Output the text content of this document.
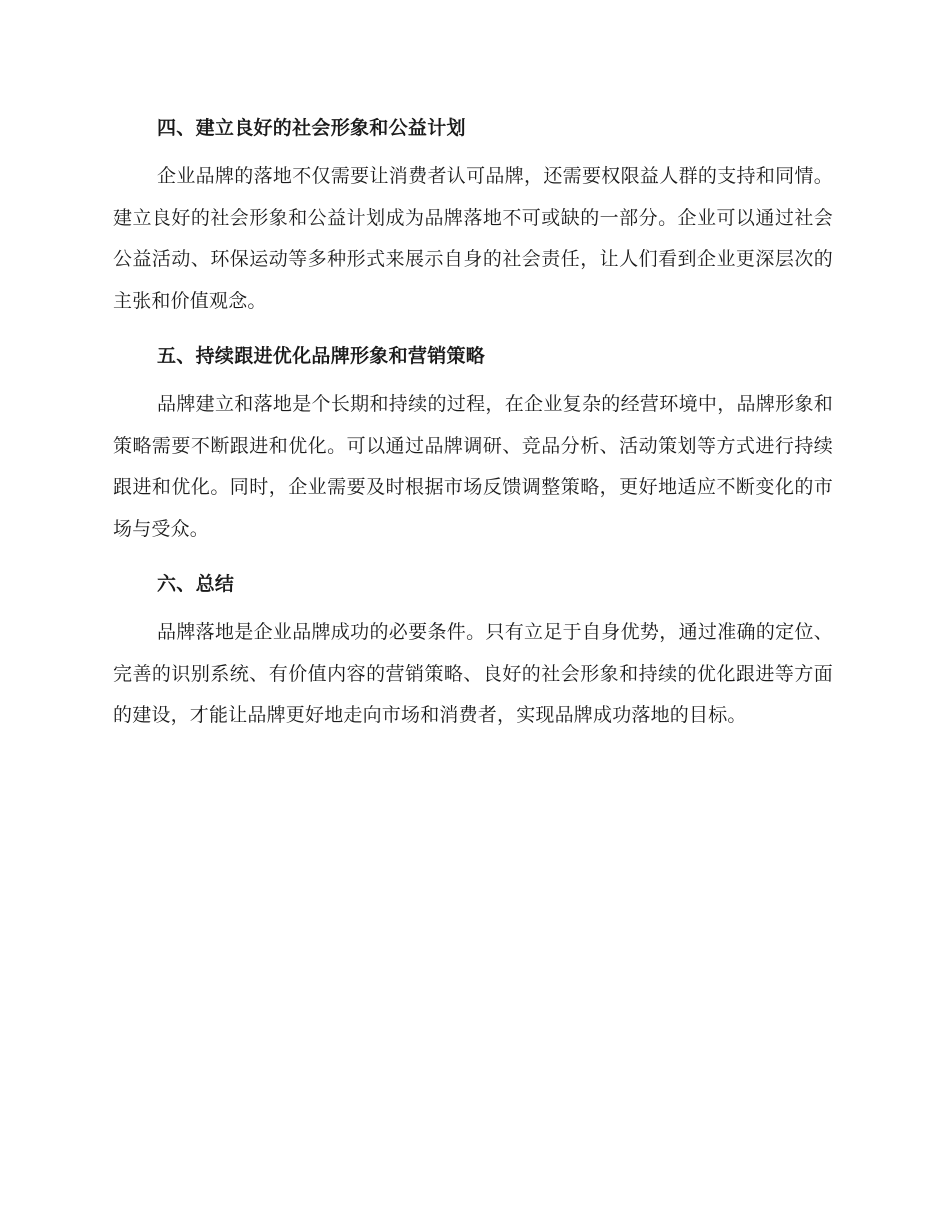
四、建立良好的社会形象和公益计划

企业品牌的落地不仅需要让消费者认可品牌，还需要权限益人群的支持和同情。建立良好的社会形象和公益计划成为品牌落地不可或缺的一部分。企业可以通过社会公益活动、环保运动等多种形式来展示自身的社会责任，让人们看到企业更深层次的主张和价值观念。

五、持续跟进优化品牌形象和营销策略

品牌建立和落地是个长期和持续的过程，在企业复杂的经营环境中，品牌形象和策略需要不断跟进和优化。可以通过品牌调研、竞品分析、活动策划等方式进行持续跟进和优化。同时，企业需要及时根据市场反馈调整策略，更好地适应不断变化的市场与受众。

六、总结

品牌落地是企业品牌成功的必要条件。只有立足于自身优势，通过准确的定位、完善的识别系统、有价值内容的营销策略、良好的社会形象和持续的优化跟进等方面的建设，才能让品牌更好地走向市场和消费者，实现品牌成功落地的目标。
